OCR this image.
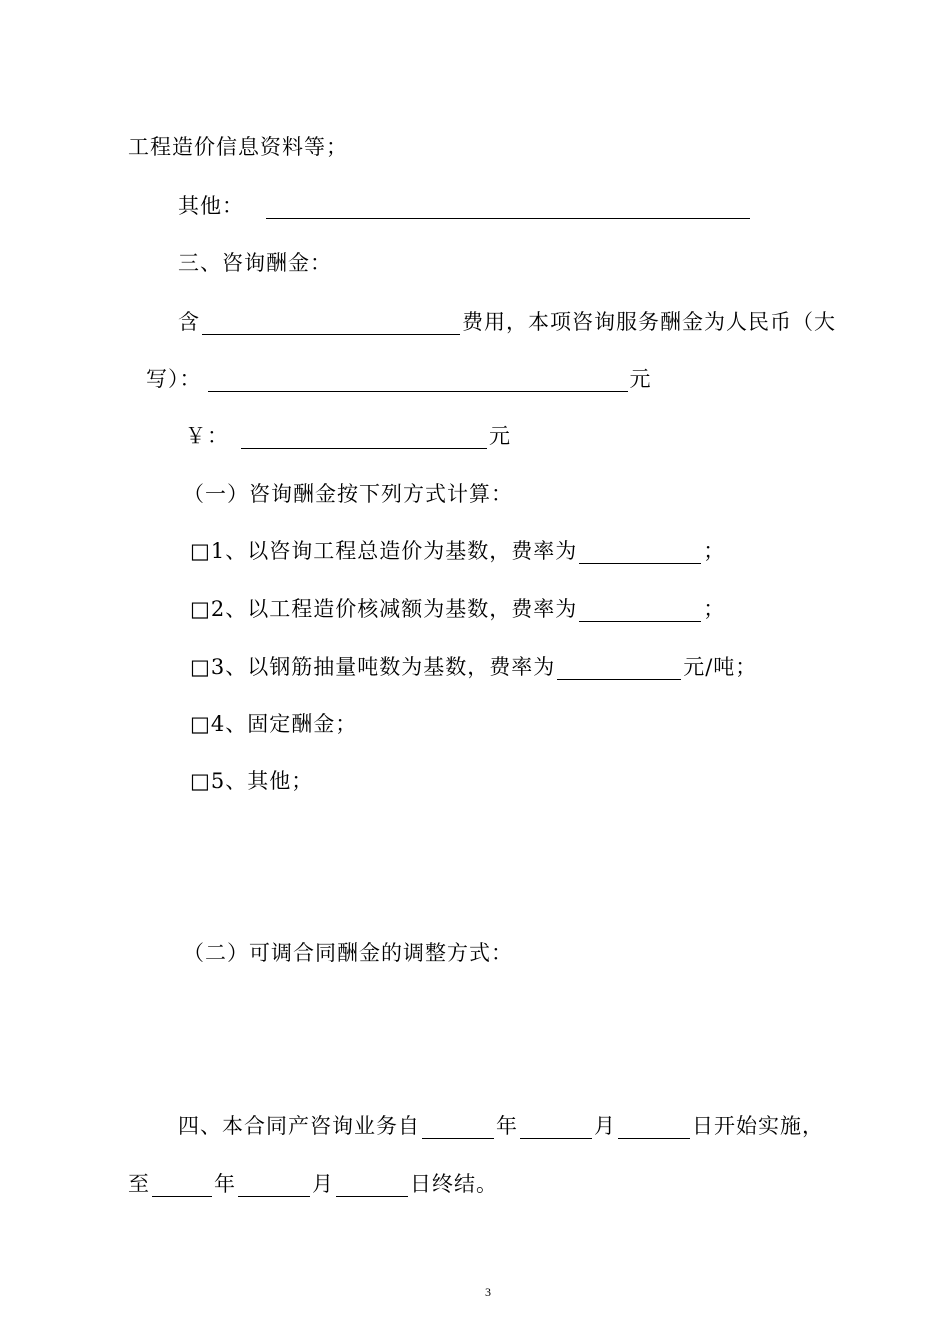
工程造价信息资料等；
其他：
三、咨询酬金：
含	费用，本项咨询服务酬金为人民币（大
写）：	元
￥：	元
（一）咨询酬金按下列方式计算：
□1、以咨询工程总造价为基数，费率为	；
□2、以工程造价核减额为基数，费率为	；
□3、以钢筋抽量吨数为基数，费率为	元/吨；
□4、固定酬金；
□5、其他；
（二）可调合同酬金的调整方式：
四、本合同产咨询业务自	年	月	日开始实施，
至	年	月	日终结。
3
